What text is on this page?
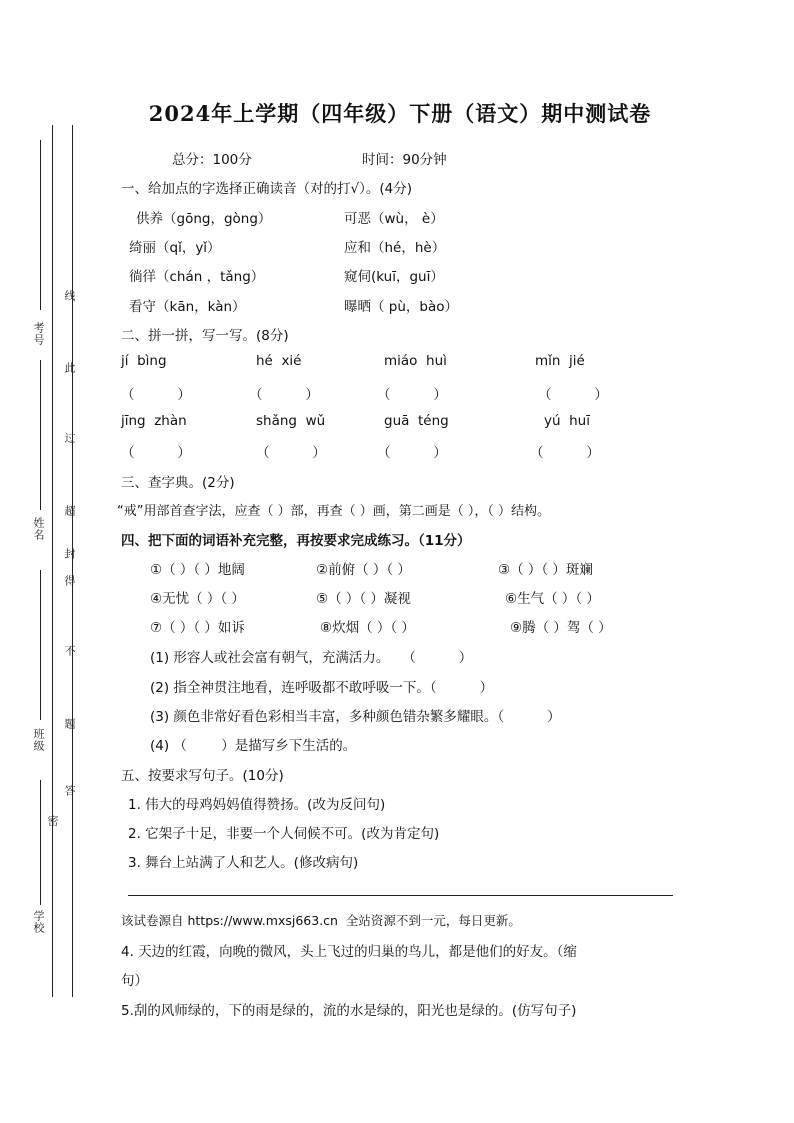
考号
姓名
班级
学校
线
此
过
超
得
封
不
题
答
密
2024年上学期（四年级）下册（语文）期中测试卷
总分：100分	时间：90分钟
一、给加点的字选择正确读音（对的打√）。(4分)
供养（gōng，gòng）	可恶（wù， è）
绮丽（qǐ，yǐ）	应和（hé，hè）
徜徉（chán ，tǎng）	窥伺(kuī，guī）
看守（kān，kàn）	曝晒（ pù，bào）
二、拼一拼，写一写。(8分)
jí  bìng	hé  xié	miáo  huì	mǐn  jié
（          ）	（          ）	（          ）	（          ）
jīng  zhàn	shǎng  wǔ	guā  téng	yú  huī
（          ）	（          ）	（          ）	（          ）
三、查字典。(2分)
“戒”用部首查字法，应查（ ）部，再查（ ）画，第二画是（ ），（ ）结构。
四、把下面的词语补充完整，再按要求完成练习。（11分）
①（ ）（ ）地阔	②前俯（ ）（ ）	③（ ）（ ）斑斓
④无忧（ ）（ ）	⑤（ ）（ ）凝视	⑥生气（ ）（ ）
⑦（ ）（ ）如诉	⑧炊烟（ ）（ ）	⑨腾（ ）驾（ ）
(1) 形容人或社会富有朝气，充满活力。   （          ）
(2) 指全神贯注地看，连呼吸都不敢呼吸一下。（          ）
(3) 颜色非常好看色彩相当丰富，多种颜色错杂繁多耀眼。（          ）
(4) （        ）是描写乡下生活的。
五、按要求写句子。(10分)
1. 伟大的母鸡妈妈值得赞扬。(改为反问句)
2. 它架子十足，非要一个人伺候不可。(改为肯定句)
3. 舞台上站满了人和艺人。(修改病句)
该试卷源自 https://www.mxsj663.cn  全站资源不到一元，每日更新。
4. 天边的红霞，向晚的微风，头上飞过的归巢的鸟儿，都是他们的好友。（缩
句）
5.刮的风师绿的，下的雨是绿的，流的水是绿的，阳光也是绿的。(仿写句子)
